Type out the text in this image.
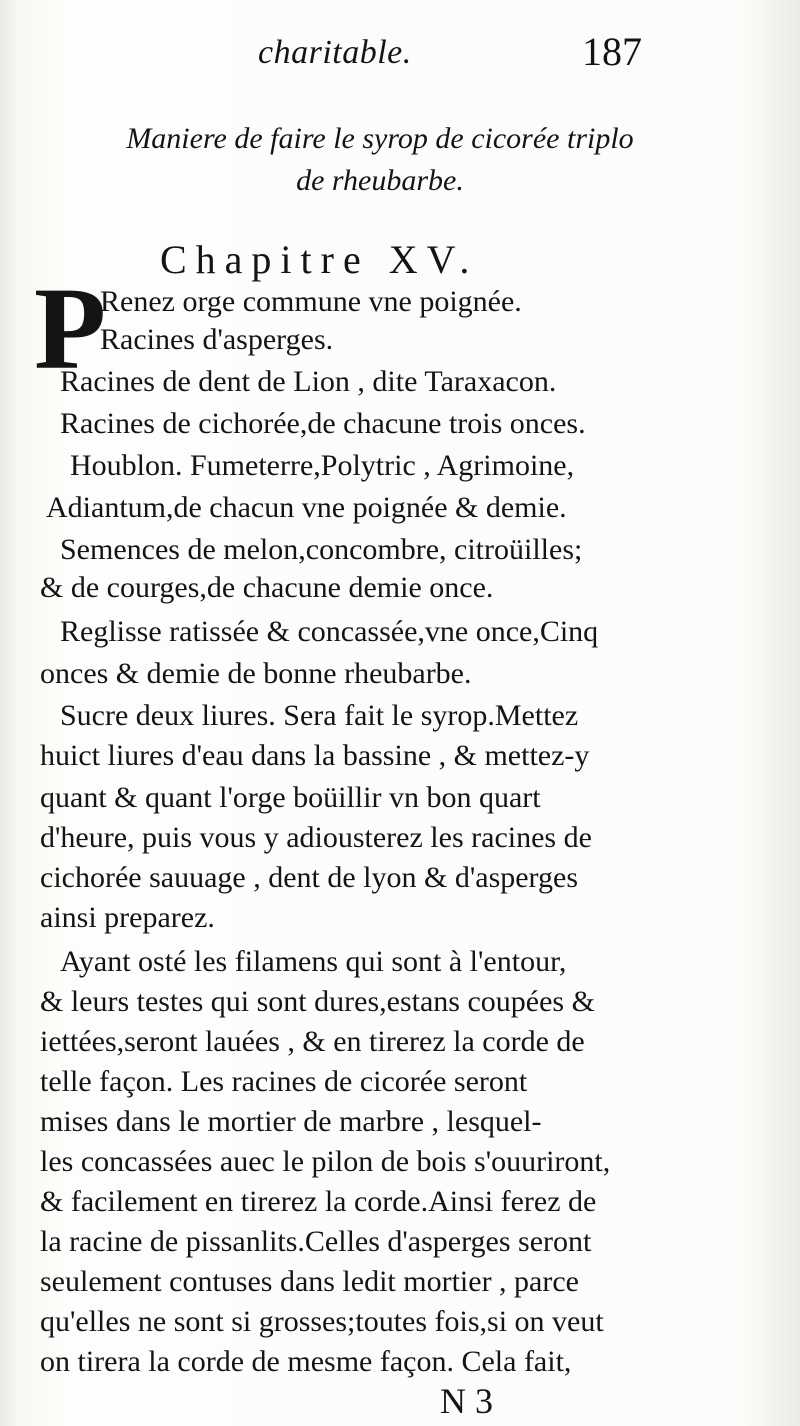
charitable.	187
Maniere de faire le syrop de cicorée triplo
de rheubarbe.
Chapitre XV.
P
Renez orge commune vne poignée.
Racines d'asperges.
Racines de dent de Lion , dite Taraxacon.
Racines de cichorée,de chacune trois onces.
Houblon. Fumeterre,Polytric , Agrimoine,
Adiantum,de chacun vne poignée & demie.
Semences de melon,concombre, citroüilles;
& de courges,de chacune demie once.
Reglisse ratissée & concassée,vne once,Cinq
onces & demie de bonne rheubarbe.
Sucre deux liures. Sera fait le syrop.Mettez
huict liures d'eau dans la bassine , & mettez-y
quant & quant l'orge boüillir vn bon quart
d'heure, puis vous y adiousterez les racines de
cichorée sauuage , dent de lyon & d'asperges
ainsi preparez.
Ayant osté les filamens qui sont à l'entour,
& leurs testes qui sont dures,estans coupées &
iettées,seront lauées , & en tirerez la corde de
telle façon. Les racines de cicorée seront
mises dans le mortier de marbre , lesquel-
les concassées auec le pilon de bois s'ouuriront,
& facilement en tirerez la corde.Ainsi ferez de
la racine de pissanlits.Celles d'asperges seront
seulement contuses dans ledit mortier , parce
qu'elles ne sont si grosses;toutes fois,si on veut
on tirera la corde de mesme façon. Cela fait,
N 3
